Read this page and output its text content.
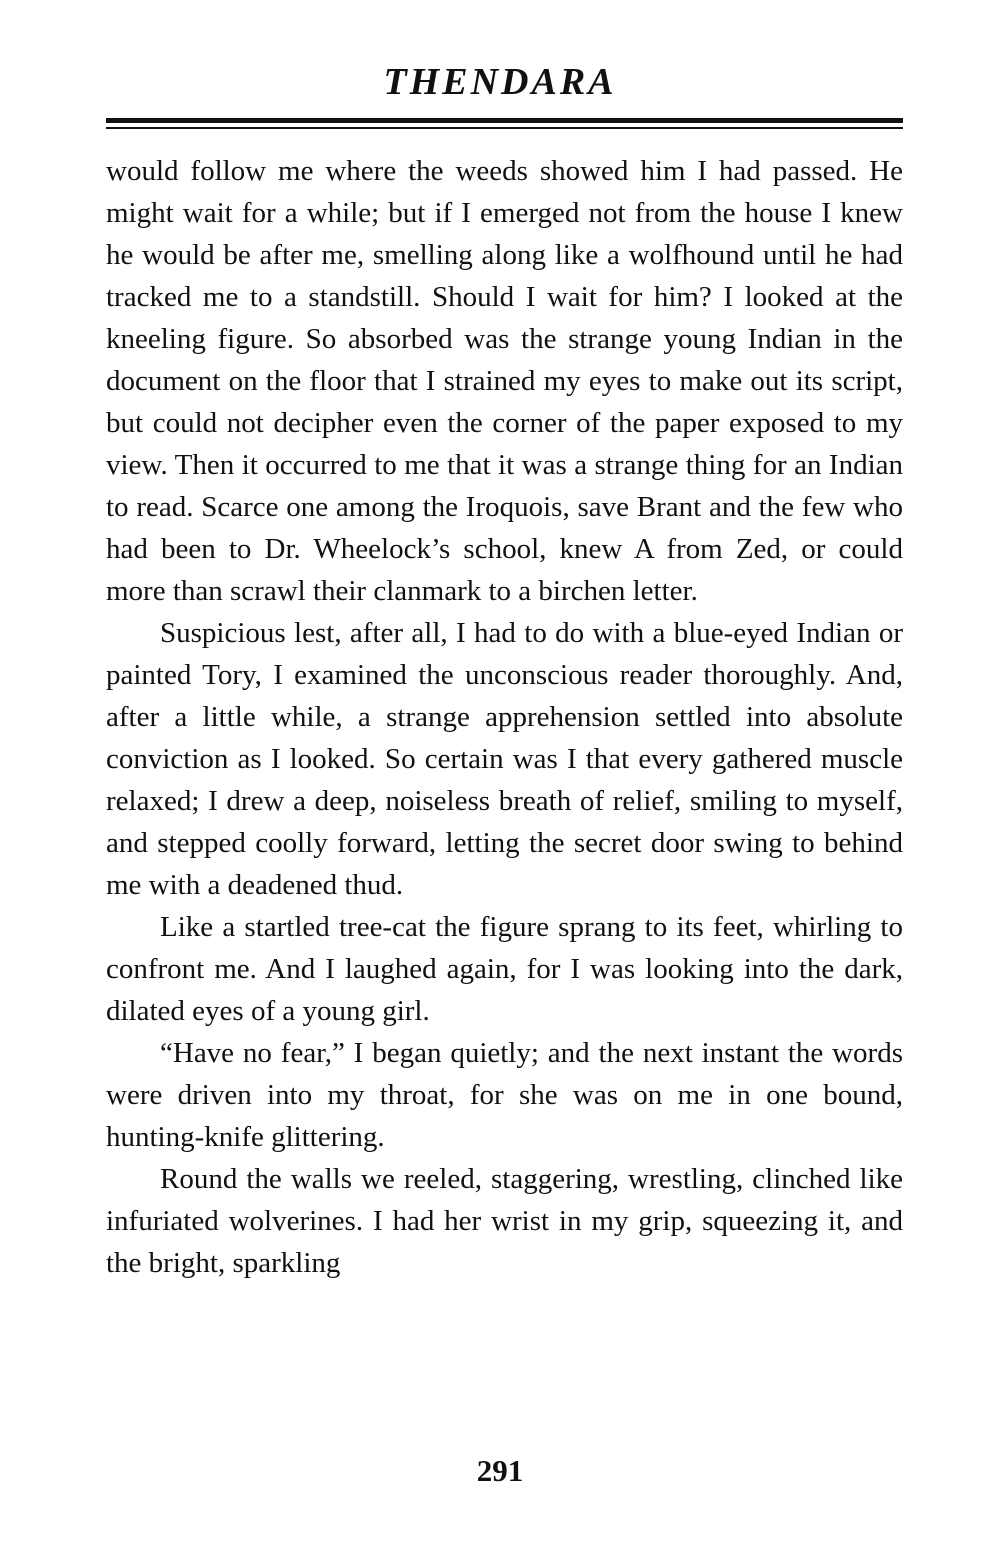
THENDARA

would follow me where the weeds showed him I had passed. He might wait for a while; but if I emerged not from the house I knew he would be after me, smelling along like a wolfhound until he had tracked me to a standstill. Should I wait for him? I looked at the kneeling figure. So absorbed was the strange young Indian in the document on the floor that I strained my eyes to make out its script, but could not decipher even the corner of the paper exposed to my view. Then it occurred to me that it was a strange thing for an Indian to read. Scarce one among the Iroquois, save Brant and the few who had been to Dr. Wheelock’s school, knew A from Zed, or could more than scrawl their clanmark to a birchen letter.

Suspicious lest, after all, I had to do with a blue-eyed Indian or painted Tory, I examined the unconscious reader thoroughly. And, after a little while, a strange apprehension settled into absolute conviction as I looked. So certain was I that every gathered muscle relaxed; I drew a deep, noiseless breath of relief, smiling to myself, and stepped coolly forward, letting the secret door swing to behind me with a deadened thud.

Like a startled tree-cat the figure sprang to its feet, whirling to confront me. And I laughed again, for I was looking into the dark, dilated eyes of a young girl.

“Have no fear,” I began quietly; and the next instant the words were driven into my throat, for she was on me in one bound, hunting-knife glittering.

Round the walls we reeled, staggering, wrestling, clinched like infuriated wolverines. I had her wrist in my grip, squeezing it, and the bright, sparkling

291
